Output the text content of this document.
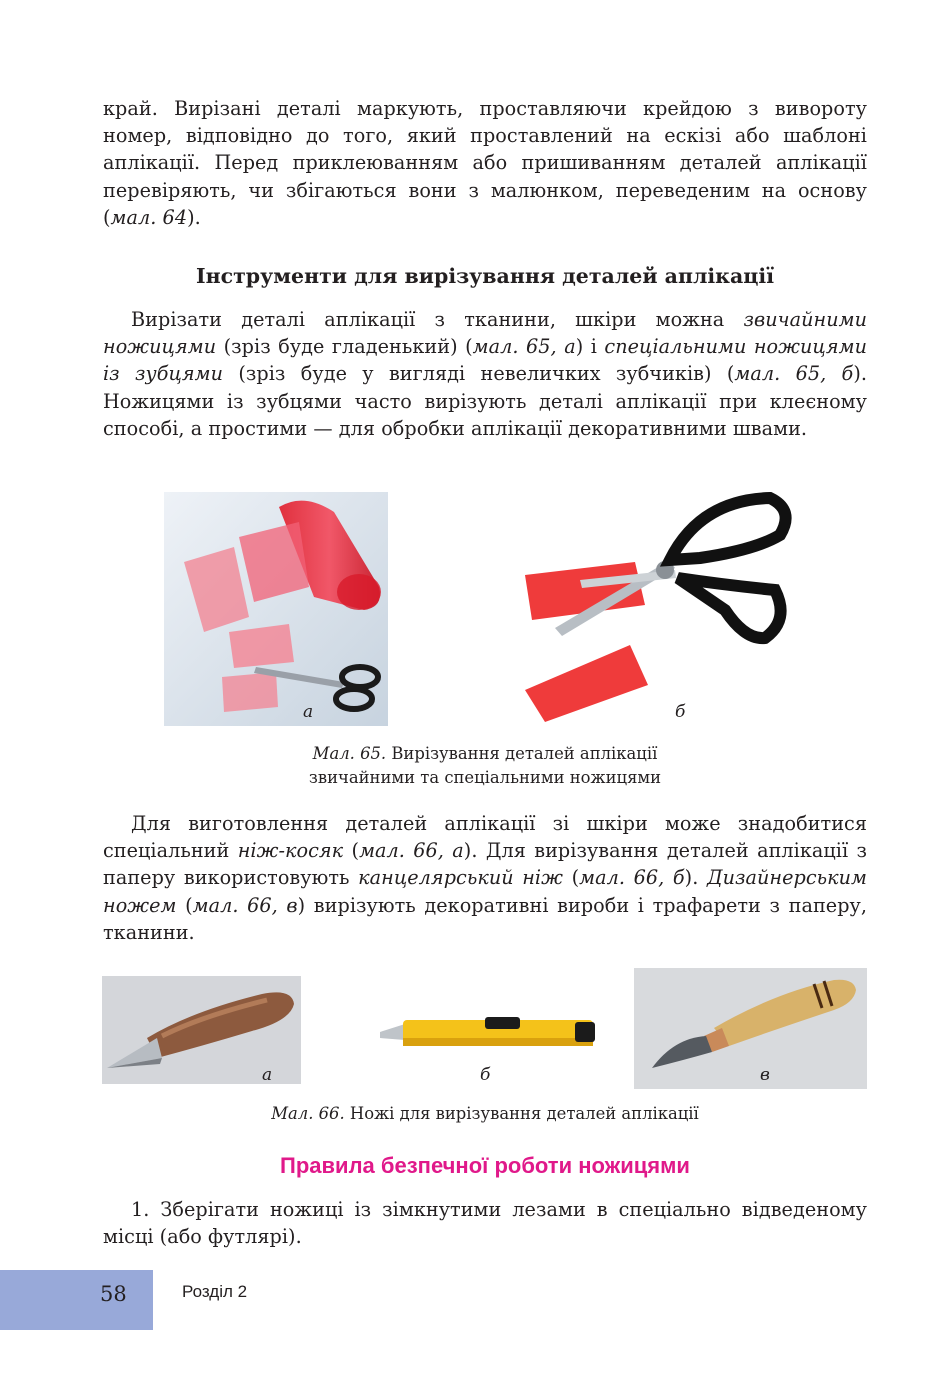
край. Вирізані деталі маркують, проставляючи крейдою з вивороту номер, відповідно до того, який проставлений на ескізі або шаблоні аплікації. Перед приклеюванням або пришиванням деталей аплікації перевіряють, чи збігаються вони з малюнком, переведеним на основу (мал. 64).
Інструменти для вирізування деталей аплікації
Вирізати деталі аплікації з тканини, шкіри можна звичайними ножицями (зріз буде гладенький) (мал. 65, а) і спеціальними ножицями із зубцями (зріз буде у вигляді невеличких зубчиків) (мал. 65, б). Ножицями із зубцями часто вирізують деталі аплікації при клеєному способі, а простими — для обробки аплікації декоративними швами.
а	б
Мал. 65. Вирізування деталей аплікації
звичайними та спеціальними ножицями
Для виготовлення деталей аплікації зі шкіри може знадобитися спеціальний ніж-косяк (мал. 66, а). Для вирізування деталей аплікації з паперу використовують канцелярський ніж (мал. 66, б). Дизайнерським ножем (мал. 66, в) вирізують декоративні вироби і трафарети з паперу, тканини.
а	б	в
Мал. 66. Ножі для вирізування деталей аплікації
Правила безпечної роботи ножицями
1. Зберігати ножиці із зімкнутими лезами в спеціально відведеному місці (або футлярі).
58	Розділ 2
